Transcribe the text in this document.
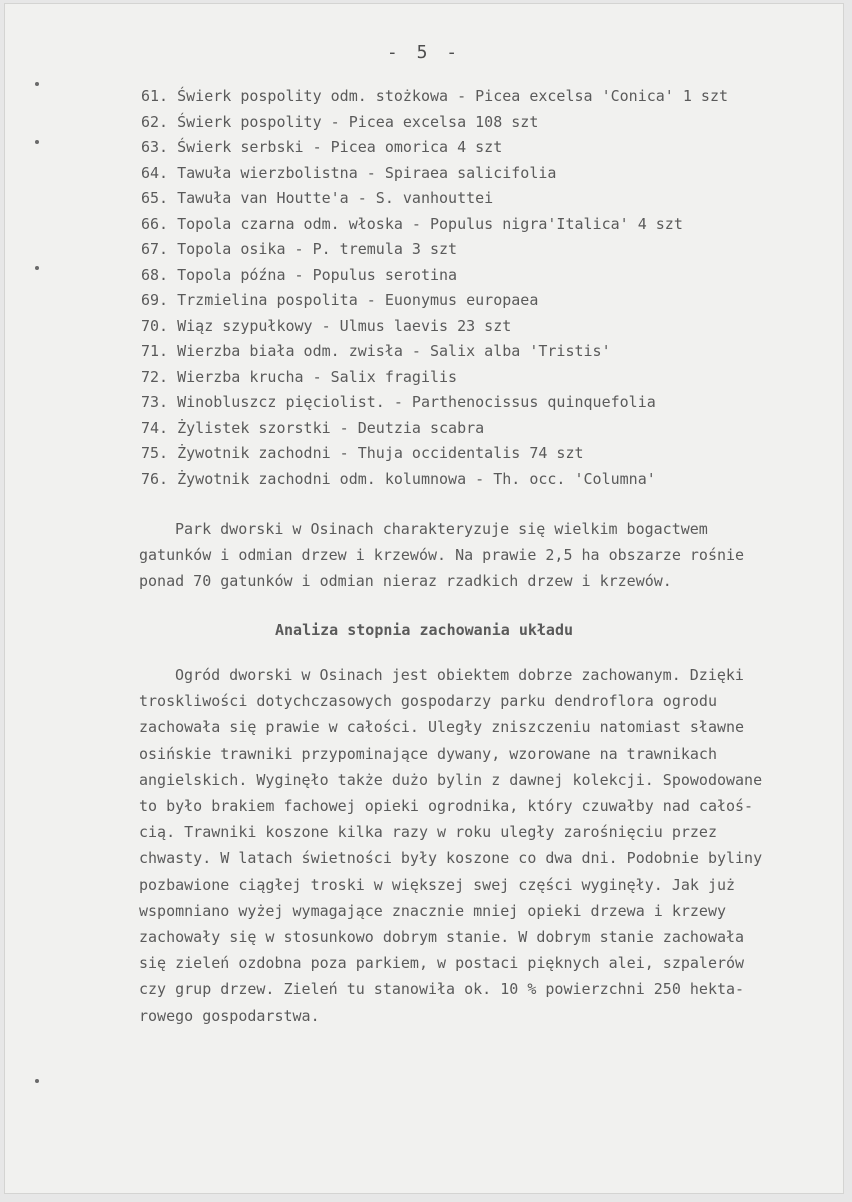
- 5 -
61. Świerk pospolity odm. stożkowa - Picea excelsa 'Conica' 1 szt
62. Świerk pospolity - Picea excelsa 108 szt
63. Świerk serbski - Picea omorica 4 szt
64. Tawuła wierzbolistna - Spiraea salicifolia
65. Tawuła van Houtte'a - S. vanhouttei
66. Topola czarna odm. włoska - Populus nigra'Italica' 4 szt
67. Topola osika - P. tremula 3 szt
68. Topola późna - Populus serotina
69. Trzmielina pospolita - Euonymus europaea
70. Wiąz szypułkowy - Ulmus laevis 23 szt
71. Wierzba biała odm. zwisła - Salix alba 'Tristis'
72. Wierzba krucha - Salix fragilis
73. Winobluszcz pięciolist. - Parthenocissus quinquefolia
74. Żylistek szorstki - Deutzia scabra
75. Żywotnik zachodni - Thuja occidentalis 74 szt
76. Żywotnik zachodni odm. kolumnowa - Th. occ. 'Columna'

Park dworski w Osinach charakteryzuje się wielkim bogactwem
gatunków i odmian drzew i krzewów. Na prawie 2,5 ha obszarze rośnie
ponad 70 gatunków i odmian nieraz rzadkich drzew i krzewów.

Analiza stopnia zachowania układu

Ogród dworski w Osinach jest obiektem dobrze zachowanym. Dzięki
troskliwości dotychczasowych gospodarzy parku dendroflora ogrodu
zachowała się prawie w całości. Uległy zniszczeniu natomiast sławne
osińskie trawniki przypominające dywany, wzorowane na trawnikach
angielskich. Wyginęło także dużo bylin z dawnej kolekcji. Spowodowane
to było brakiem fachowej opieki ogrodnika, który czuwałby nad całoś-
cią. Trawniki koszone kilka razy w roku uległy zarośnięciu przez
chwasty. W latach świetności były koszone co dwa dni. Podobnie byliny
pozbawione ciągłej troski w większej swej części wyginęły. Jak już
wspomniano wyżej wymagające znacznie mniej opieki drzewa i krzewy
zachowały się w stosunkowo dobrym stanie. W dobrym stanie zachowała
się zieleń ozdobna poza parkiem, w postaci pięknych alei, szpalerów
czy grup drzew. Zieleń tu stanowiła ok. 10 % powierzchni 250 hekta-
rowego gospodarstwa.
